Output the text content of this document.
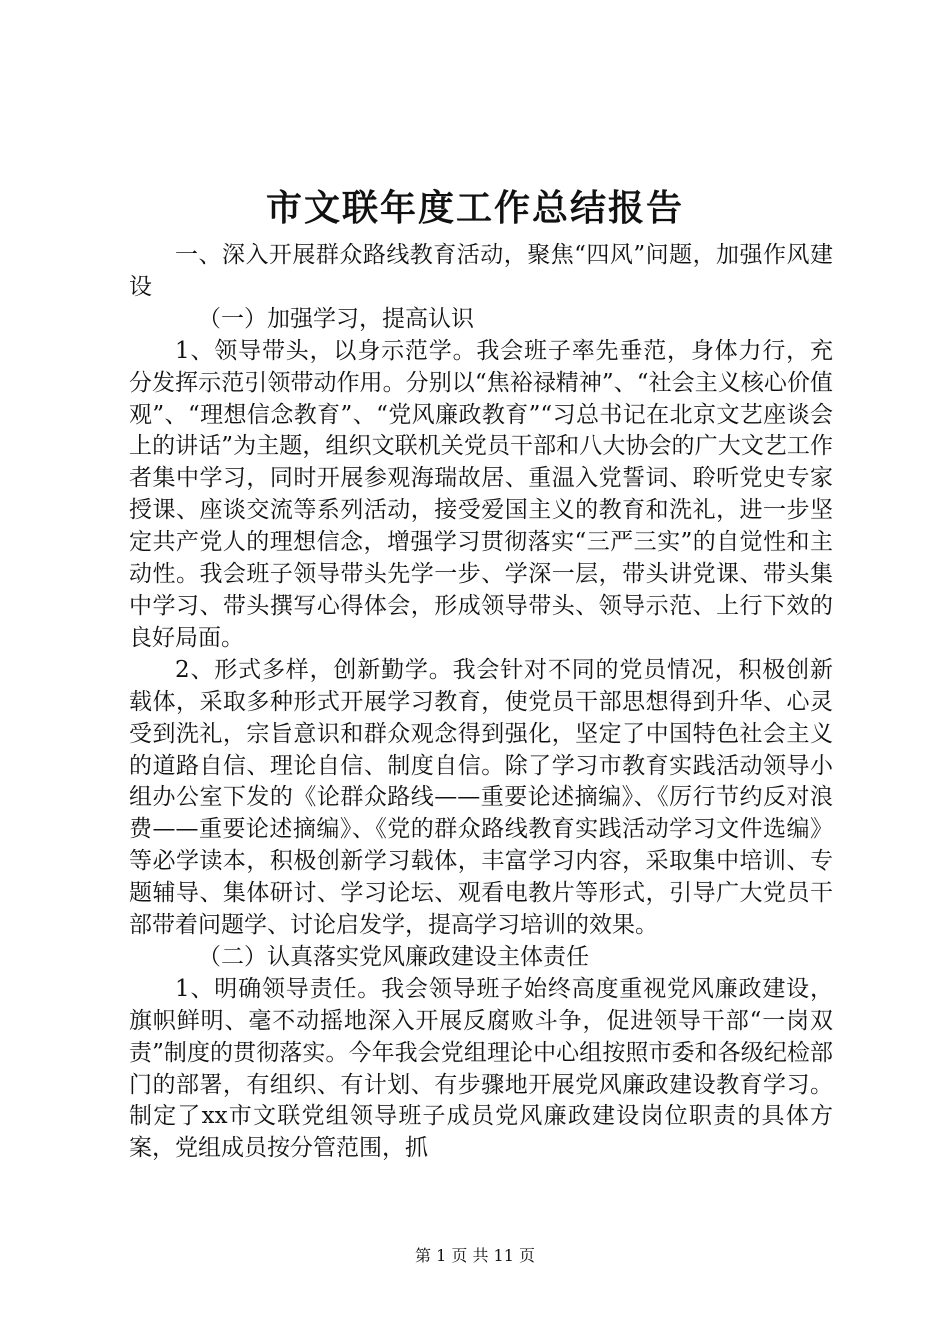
市文联年度工作总结报告

一、深入开展群众路线教育活动，聚焦“四风”问题，加强作风建设

（一）加强学习，提高认识

1、领导带头，以身示范学。我会班子率先垂范，身体力行，充分发挥示范引领带动作用。分别以“焦裕禄精神”、“社会主义核心价值观”、“理想信念教育”、“党风廉政教育”“习总书记在北京文艺座谈会上的讲话”为主题，组织文联机关党员干部和八大协会的广大文艺工作者集中学习，同时开展参观海瑞故居、重温入党誓词、聆听党史专家授课、座谈交流等系列活动，接受爱国主义的教育和洗礼，进一步坚定共产党人的理想信念，增强学习贯彻落实“三严三实”的自觉性和主动性。我会班子领导带头先学一步、学深一层，带头讲党课、带头集中学习、带头撰写心得体会，形成领导带头、领导示范、上行下效的良好局面。

2、形式多样，创新勤学。我会针对不同的党员情况，积极创新载体，采取多种形式开展学习教育，使党员干部思想得到升华、心灵受到洗礼，宗旨意识和群众观念得到强化，坚定了中国特色社会主义的道路自信、理论自信、制度自信。除了学习市教育实践活动领导小组办公室下发的《论群众路线——重要论述摘编》、《厉行节约反对浪费——重要论述摘编》、《党的群众路线教育实践活动学习文件选编》等必学读本，积极创新学习载体，丰富学习内容，采取集中培训、专题辅导、集体研讨、学习论坛、观看电教片等形式，引导广大党员干部带着问题学、讨论启发学，提高学习培训的效果。

（二）认真落实党风廉政建设主体责任

1、明确领导责任。我会领导班子始终高度重视党风廉政建设，旗帜鲜明、毫不动摇地深入开展反腐败斗争，促进领导干部“一岗双责”制度的贯彻落实。今年我会党组理论中心组按照市委和各级纪检部门的部署，有组织、有计划、有步骤地开展党风廉政建设教育学习。制定了xx市文联党组领导班子成员党风廉政建设岗位职责的具体方案，党组成员按分管范围，抓

第 1 页 共 11 页
